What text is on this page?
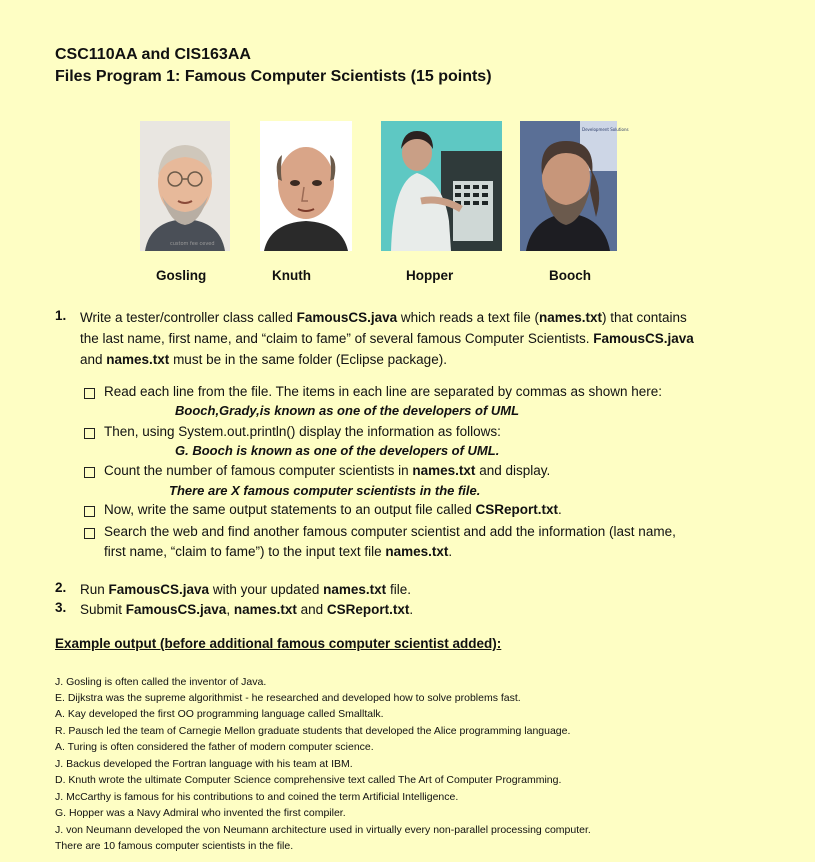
CSC110AA and CIS163AA
Files Program 1: Famous Computer Scientists (15 points)
custom fee ceved
Development Solutions
Gosling	Knuth	Hopper	Booch
1. Write a tester/controller class called FamousCS.java which reads a text file (names.txt) that contains
the last name, first name, and “claim to fame” of several famous Computer Scientists. FamousCS.java
and names.txt must be in the same folder (Eclipse package).
Read each line from the file. The items in each line are separated by commas as shown here:
Booch,Grady,is known as one of the developers of UML
Then, using System.out.println() display the information as follows:
G. Booch is known as one of the developers of UML.
Count the number of famous computer scientists in names.txt and display.
There are X famous computer scientists in the file.
Now, write the same output statements to an output file called CSReport.txt.
Search the web and find another famous computer scientist and add the information (last name,
first name, “claim to fame”) to the input text file names.txt.
2. Run FamousCS.java with your updated names.txt file.
3. Submit FamousCS.java, names.txt and CSReport.txt.
Example output (before additional famous computer scientist added):
J. Gosling is often called the inventor of Java.
E. Dijkstra was the supreme algorithmist - he researched and developed how to solve problems fast.
A. Kay developed the first OO programming language called Smalltalk.
R. Pausch led the team of Carnegie Mellon graduate students that developed the Alice programming language.
A. Turing is often considered the father of modern computer science.
J. Backus developed the Fortran language with his team at IBM.
D. Knuth wrote the ultimate Computer Science comprehensive text called The Art of Computer Programming.
J. McCarthy is famous for his contributions to and coined the term Artificial Intelligence.
G. Hopper was a Navy Admiral who invented the first compiler.
J. von Neumann developed the von Neumann architecture used in virtually every non-parallel processing computer.
There are 10 famous computer scientists in the file.
